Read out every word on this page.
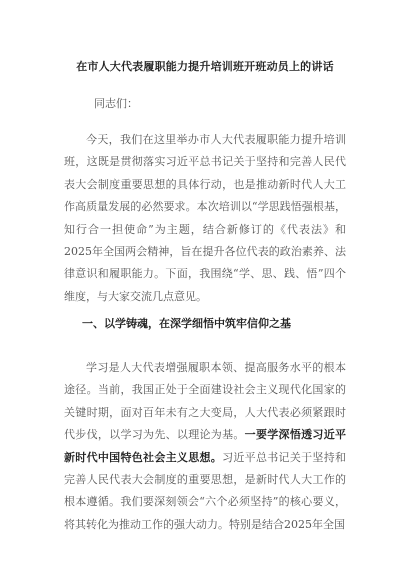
在市人大代表履职能力提升培训班开班动员上的讲话
同志们：
今天，我们在这里举办市人大代表履职能力提升培训班，这既是贯彻落实习近平总书记关于坚持和完善人民代表大会制度重要思想的具体行动，也是推动新时代人大工作高质量发展的必然要求。本次培训以“学思践悟强根基，知行合一担使命”为主题，结合新修订的《代表法》和2025年全国两会精神，旨在提升各位代表的政治素养、法律意识和履职能力。下面，我围绕“学、思、践、悟”四个维度，与大家交流几点意见。
一、以学铸魂，在深学细悟中筑牢信仰之基
学习是人大代表增强履职本领、提高服务水平的根本途径。当前，我国正处于全面建设社会主义现代化国家的关键时期，面对百年未有之大变局，人大代表必须紧跟时代步伐，以学习为先、以理论为基。一要学深悟透习近平新时代中国特色社会主义思想。习近平总书记关于坚持和完善人民代表大会制度的重要思想，是新时代人大工作的根本遵循。我们要深刻领会“六个必须坚持”的核心要义，将其转化为推动工作的强大动力。特别是结合2025年全国
